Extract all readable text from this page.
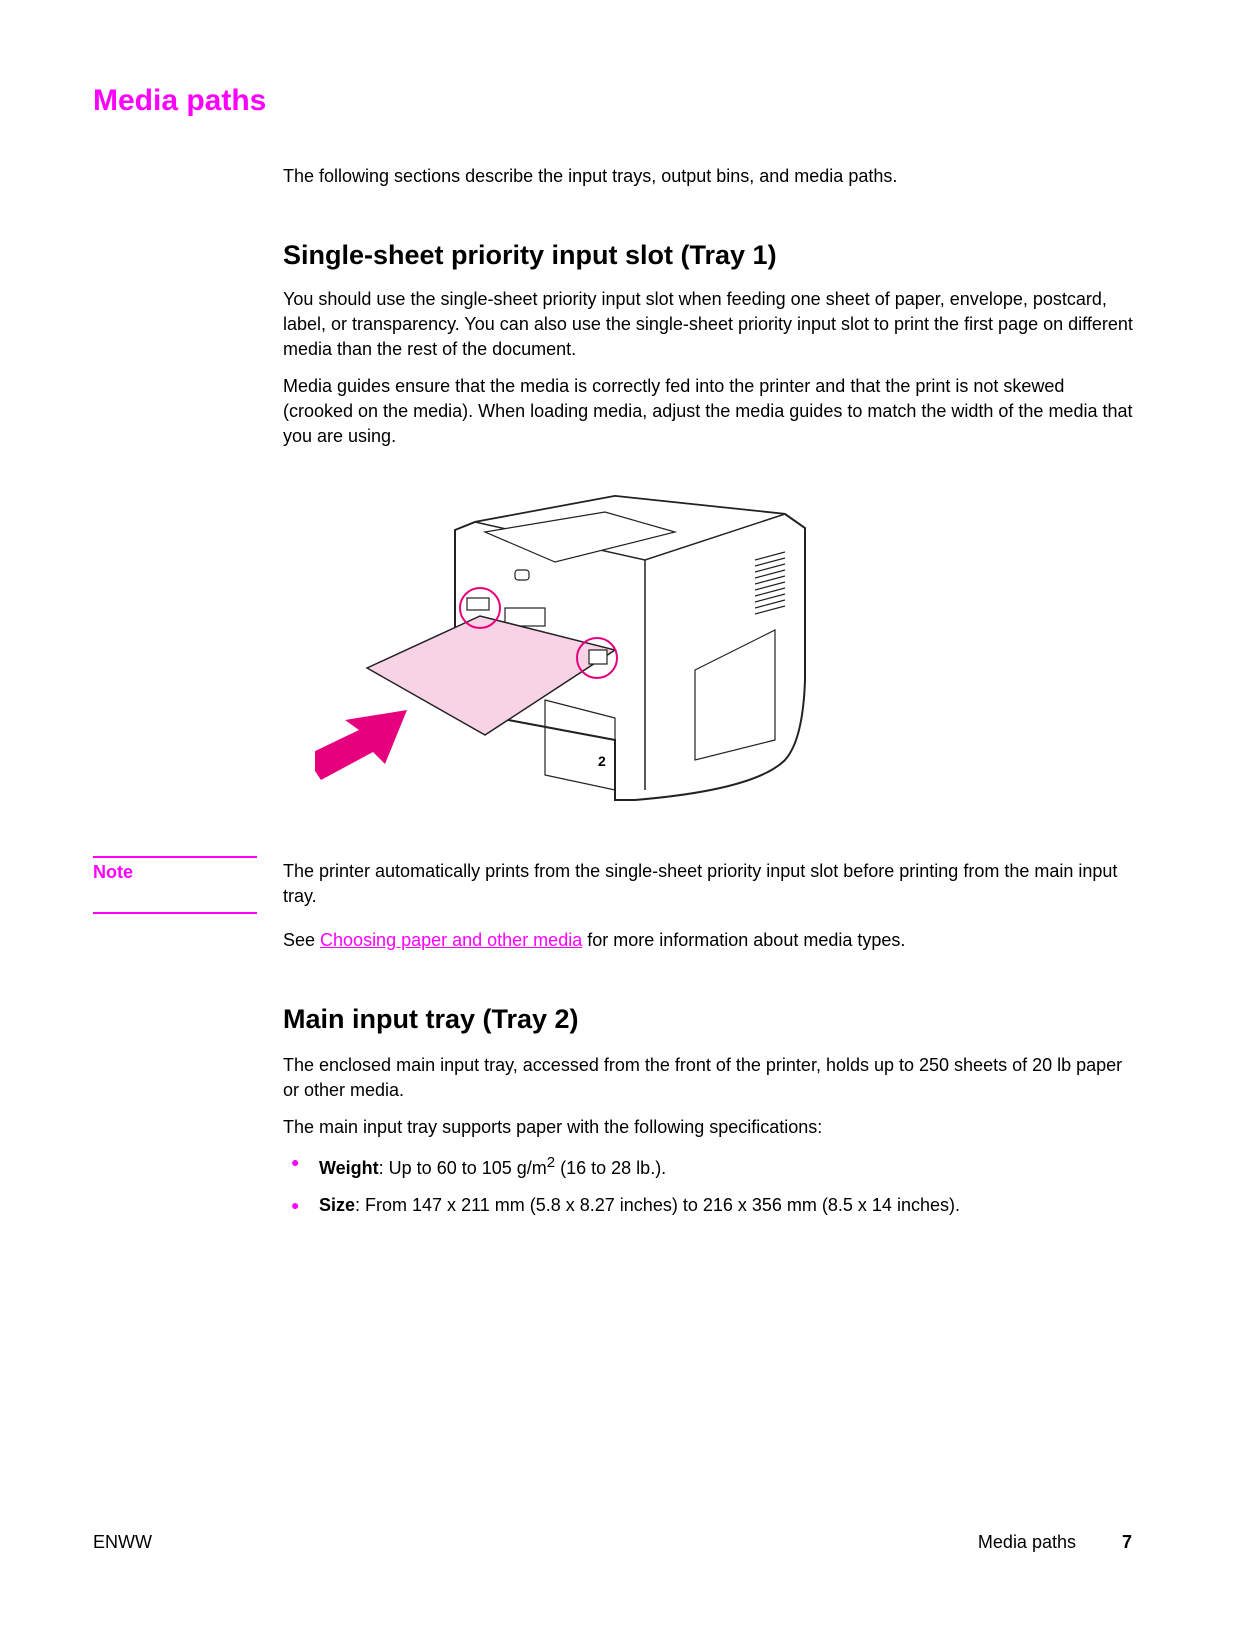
Media paths

The following sections describe the input trays, output bins, and media paths.

Single-sheet priority input slot (Tray 1)

You should use the single-sheet priority input slot when feeding one sheet of paper, envelope, postcard, label, or transparency. You can also use the single-sheet priority input slot to print the first page on different media than the rest of the document.

Media guides ensure that the media is correctly fed into the printer and that the print is not skewed (crooked on the media). When loading media, adjust the media guides to match the width of the media that you are using.

2

Note	The printer automatically prints from the single-sheet priority input slot before printing from the main input tray.

See Choosing paper and other media for more information about media types.

Main input tray (Tray 2)

The enclosed main input tray, accessed from the front of the printer, holds up to 250 sheets of 20 lb paper or other media.

The main input tray supports paper with the following specifications:

● Weight: Up to 60 to 105 $g/m^2$ (16 to 28 lb.).
● Size: From 147 x 211 mm (5.8 x 8.27 inches) to 216 x 356 mm (8.5 x 14 inches).

ENWW	Media paths	7
